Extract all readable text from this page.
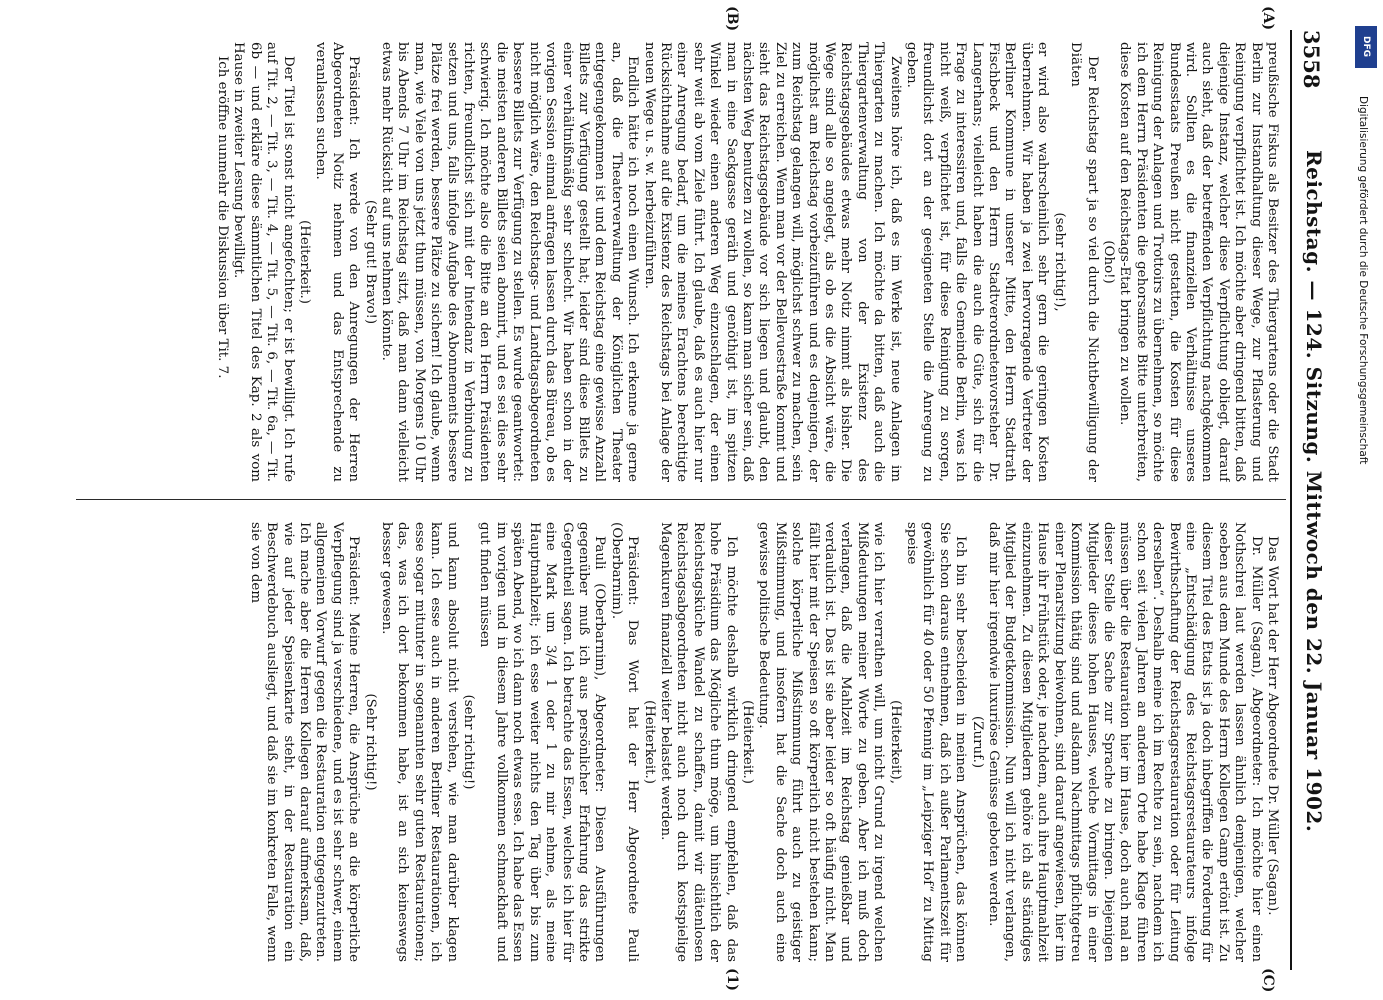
3558
Reichstag. — 124. Sitzung. Mittwoch den 22. Januar 1902.
(A)
(B)
(C)
(1)

preußische Fiskus als Besitzer des Thiergartens oder die Stadt Berlin zur Instandhaltung dieser Wege, zur Pflasterung und Reinigung verpflichtet ist. Ich möchte aber dringend bitten, daß diejenige Instanz, welcher diese Verpflichtung obliegt, darauf auch sieht, daß der betreffenden Verpflichtung nachgekommen wird. Sollten es die finanziellen Verhältnisse unseres Bundesstaats Preußen nicht gestatten, die Kosten für diese Reinigung der Anlagen und Trottoirs zu übernehmen, so möchte ich dem Herrn Präsidenten die gehorsamste Bitte unterbreiten, diese Kosten auf den Reichstags-Etat bringen zu wollen.

(Oho!)

Der Reichstag spart ja so viel durch die Nichtbewilligung der Diäten

(sehr richtig!),

er wird also wahrscheinlich sehr gern die geringen Kosten übernehmen. Wir haben ja zwei hervorragende Vertreter der Berliner Kommune in unserer Mitte, den Herrn Stadtrath Fischbeck und den Herrn Stadtverordnetenvorsteher Dr. Langerhans; vielleicht haben die auch die Güte, sich für die Frage zu interessiren und, falls die Gemeinde Berlin, was ich nicht weiß, verpflichtet ist, für diese Reinigung zu sorgen, freundlichst dort an der geeigneten Stelle die Anregung zu geben.

Zweitens höre ich, daß es im Werke ist, neue Anlagen im Thiergarten zu machen. Ich möchte da bitten, daß auch die Thiergartenverwaltung von der Existenz des Reichstagsgebäudes etwas mehr Notiz nimmt als bisher. Die Wege sind alle so angelegt, als ob es die Absicht wäre, die möglichst am Reichstag vorbeizuführen und es denjenigen, der zum Reichstag gelangen will, möglichst schwer zu machen, sein Ziel zu erreichen. Wenn man vor der Bellevuestraße kommt und sieht das Reichstagsgebäude vor sich liegen und glaubt, den nächsten Weg benutzen zu wollen, so kann man sicher sein, daß man in eine Sackgasse geräth und genöthigt ist, im spitzen Winkel wieder einen anderen Weg einzuschlagen, der einen sehr weit ab vom Ziele führt. Ich glaube, daß es auch hier nur einer Anregung bedarf, um die meines Erachtens berechtigte Rücksichtnahme auf die Existenz des Reichstags bei Anlage der neuen Wege u. s. w. herbeizuführen.

Endlich hätte ich noch einen Wunsch. Ich erkenne ja gerne an, daß die Theaterverwaltung der Königlichen Theater entgegengekommen ist und dem Reichstag eine gewisse Anzahl Billets zur Verfügung gestellt hat; leider sind diese Billets zu einer verhältnißmäßig sehr schlecht. Wir haben schon in der vorigen Session einmal anfragen lassen durch das Büreau, ob es nicht möglich wäre, den Reichstags- und Landtagsabgeordneten bessere Billets zur Verfügung zu stellen. Es wurde geantwortet: die meisten anderen Billets seien abonnirt, und es sei dies sehr schwierig. Ich möchte also die Bitte an den Herrn Präsidenten richten, freundlichst sich mit der Intendanz in Verbindung zu setzen und uns, falls infolge Aufgabe des Abonnements bessere Plätze frei werden, bessere Plätze zu sichern! Ich glaube, wenn man, wie Viele von uns jetzt thun müssen, von Morgens 10 Uhr bis Abends 7 Uhr im Reichstag sitzt, daß man dann vielleicht etwas mehr Rücksicht auf uns nehmen könnte.

(Sehr gut! Bravo!)

Präsident: Ich werde von den Anregungen der Herren Abgeordneten Notiz nehmen und das Entsprechende zu veranlassen suchen.

(Heiterkeit.)

Der Titel ist sonst nicht angefochten; er ist bewilligt. Ich rufe auf Tit. 2, — Tit. 3, — Tit. 4, — Tit. 5, — Tit. 6, — Tit. 6a, — Tit. 6b — und erkläre diese sämmtlichen Titel des Kap. 2 als vom Hause in zweiter Lesung bewilligt.

Ich eröffne nunmehr die Diskussion über Tit. 7.

Das Wort hat der Herr Abgeordnete Dr. Müller (Sagan).

Dr. Müller (Sagan), Abgeordneter: Ich möchte hier einen Nothschrei laut werden lassen ähnlich demjenigen, welcher soeben aus dem Munde des Herrn Kollegen Gamp ertönt ist. Zu diesem Titel des Etats ist ja doch inbegriffen die Forderung für eine „Entschädigung des Reichstagsrestaurateurs infolge Bewirthschaftung der Reichstagsrestauration oder für Leitung derselben“. Deshalb meine ich im Rechte zu sein, nachdem ich schon seit vielen Jahren an anderem Orte habe Klage führen müssen über die Restauration hier im Hause, doch auch mal an dieser Stelle die Sache zur Sprache zu bringen. Diejenigen Mitglieder dieses hohen Hauses, welche Vormittags in einer Kommission thätig sind und alsdann Nachmittags pflichtgetreu einer Plenarsitzung beiwohnen, sind darauf angewiesen, hier im Hause ihr Frühstück oder, je nachdem, auch ihre Hauptmahlzeit einzunehmen. Zu diesen Mitgliedern gehöre ich als ständiges Mitglied der Budgetkommission. Nun will ich nicht verlangen, daß mir hier irgendwie luxuriöse Genüsse geboten werden.

(Zuruf.)

Ich bin sehr bescheiden in meinen Ansprüchen, das können Sie schon daraus entnehmen, daß ich außer Parlamentszeit für gewöhnlich für 40 oder 50 Pfennig im „Leipziger Hof“ zu Mittag speise

(Heiterkeit),

wie ich hier verrathen will, um nicht Grund zu irgend welchen Mißdeutungen meiner Worte zu geben. Aber ich muß doch verlangen, daß die Mahlzeit im Reichstag genießbar und verdaulich ist. Das ist sie aber leider so oft häufig nicht. Man fällt hier mit der Speisen so oft körperlich nicht bestehen kann; solche körperliche Mißstimmung führt auch zu geistiger Mißstimmung, und insofern hat die Sache doch auch eine gewisse politische Bedeutung.

(Heiterkeit.)

Ich möchte deshalb wirklich dringend empfehlen, daß das hohe Präsidium das Mögliche thun möge, um hinsichtlich der Reichstagsküche Wandel zu schaffen, damit wir diätenlosen Reichstagsabgeordneten nicht auch noch durch kostspielige Magenkuren finanziell weiter belastet werden.

(Heiterkeit.)

Präsident: Das Wort hat der Herr Abgeordnete Pauli (Oberbarnim).

Pauli (Oberbarnim), Abgeordneter: Diesen Ausführungen gegenüber muß ich aus persönlicher Erfahrung das strikte Gegentheil sagen. Ich betrachte das Essen, welches ich hier für eine Mark um 3/4 1 oder 1 zu mir nehme, als meine Hauptmahlzeit; ich esse weiter nichts den Tag über bis zum späten Abend, wo ich dann noch etwas esse. Ich habe das Essen im vorigen und in diesem Jahre vollkommen schmackhaft und gut finden müssen

(sehr richtig!)

und kann absolut nicht verstehen, wie man darüber klagen kann. Ich esse auch in anderen Berliner Restaurationen, ich esse sogar mitunter in sogenannten sehr guten Restaurationen; das, was ich dort bekommen habe, ist an sich keineswegs besser gewesen.

(Sehr richtig!)

Präsident: Meine Herren, die Ansprüche an die körperliche Verpflegung sind ja verschiedene, und es ist sehr schwer, einem allgemeinen Vorwurf gegen die Restauration entgegenzutreten. Ich mache aber die Herren Kollegen darauf aufmerksam, daß, wie auf jeder Speisenkarte steht, in der Restauration ein Beschwerdebuch ausliegt, und daß sie im konkreten Falle, wenn sie von dem

DFG
Digitalisierung gefördert durch die Deutsche Forschungsgemeinschaft
